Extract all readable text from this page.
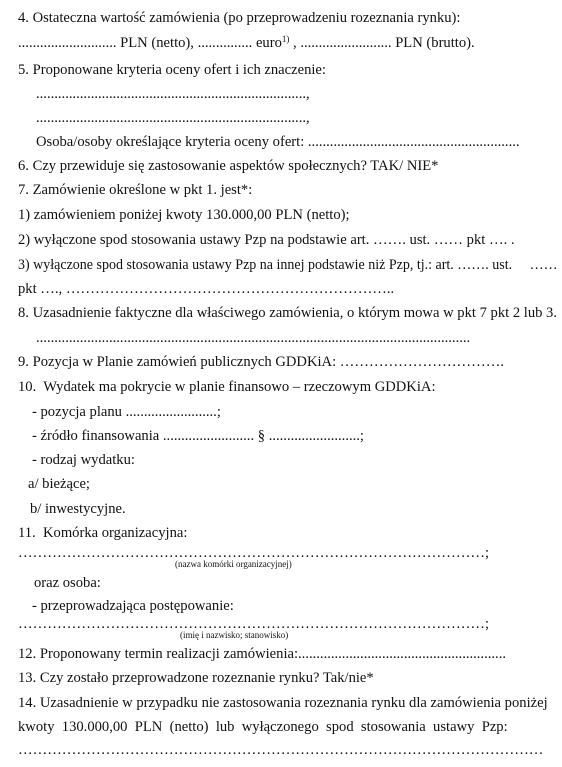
4. Ostateczna wartość zamówienia (po przeprowadzeniu rozeznania rynku):
........................... PLN (netto), ............... euro$^{1)}$ , ......................... PLN (brutto).
5. Proponowane kryteria oceny ofert i ich znaczenie:
..........................................................................,
..........................................................................,
Osoba/osoby określające kryteria oceny ofert: ..........................................................
6. Czy przewiduje się zastosowanie aspektów społecznych? TAK/ NIE*
7. Zamówienie określone w pkt 1. jest*:
1) zamówieniem poniżej kwoty 130.000,00 PLN (netto);
2) wyłączone spod stosowania ustawy Pzp na podstawie art. ……. ust. …… pkt …. .
3) wyłączone spod stosowania ustawy Pzp na innej podstawie niż Pzp, tj.: art. ……. ust.     ……
pkt …., …………………………………………………………..
8. Uzasadnienie faktyczne dla właściwego zamówienia, o którym mowa w pkt 7 pkt 2 lub 3.
.......................................................................................................................
9. Pozycja w Planie zamówień publicznych GDDKiA: …………………………….
10.  Wydatek ma pokrycie w planie finansowo – rzeczowym GDDKiA:
- pozycja planu .........................;
- źródło finansowania ......................... § .........................;
- rodzaj wydatku:
a/ bieżące;
b/ inwestycyjne.
11.  Komórka organizacyjna:
……………………………………………………………………………………;
(nazwa komórki organizacyjnej)
oraz osoba:
- przeprowadzająca postępowanie:
……………………………………………………………………………………;
(imię i nazwisko; stanowisko)
12. Proponowany termin realizacji zamówienia:.........................................................
13. Czy zostało przeprowadzone rozeznanie rynku? Tak/nie*
14. Uzasadnienie w przypadku nie zastosowania rozeznania rynku dla zamówienia poniżej
kwoty  130.000,00  PLN  (netto)  lub  wyłączonego  spod  stosowania  ustawy  Pzp:
………………………………………………………………………………………………
